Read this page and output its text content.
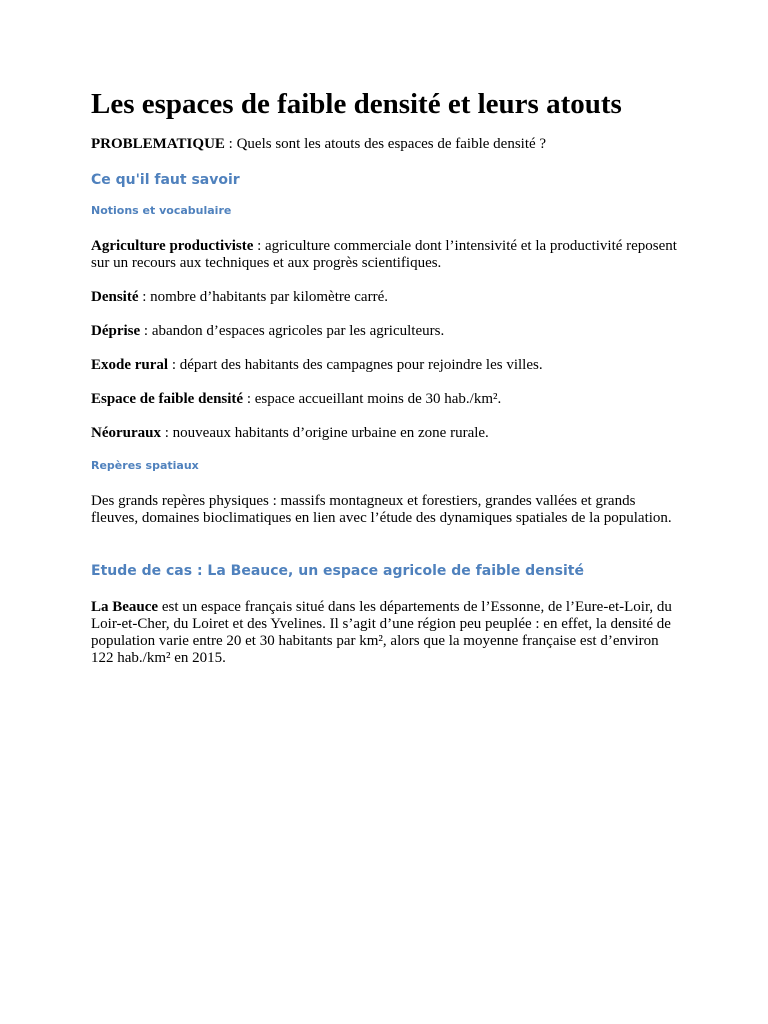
Les espaces de faible densité et leurs atouts

PROBLEMATIQUE : Quels sont les atouts des espaces de faible densité ?

Ce qu'il faut savoir
Notions et vocabulaire

Agriculture productiviste : agriculture commerciale dont l’intensivité et la productivité reposent sur un recours aux techniques et aux progrès scientifiques.

Densité : nombre d’habitants par kilomètre carré.

Déprise : abandon d’espaces agricoles par les agriculteurs.

Exode rural : départ des habitants des campagnes pour rejoindre les villes.

Espace de faible densité : espace accueillant moins de 30 hab./km².

Néoruraux : nouveaux habitants d’origine urbaine en zone rurale.

Repères spatiaux

Des grands repères physiques : massifs montagneux et forestiers, grandes vallées et grands fleuves, domaines bioclimatiques en lien avec l’étude des dynamiques spatiales de la population.

Etude de cas : La Beauce, un espace agricole de faible densité

La Beauce est un espace français situé dans les départements de l’Essonne, de l’Eure-et-Loir, du Loir-et-Cher, du Loiret et des Yvelines. Il s’agit d’une région peu peuplée : en effet, la densité de population varie entre 20 et 30 habitants par km², alors que la moyenne française est d’environ 122 hab./km² en 2015.
